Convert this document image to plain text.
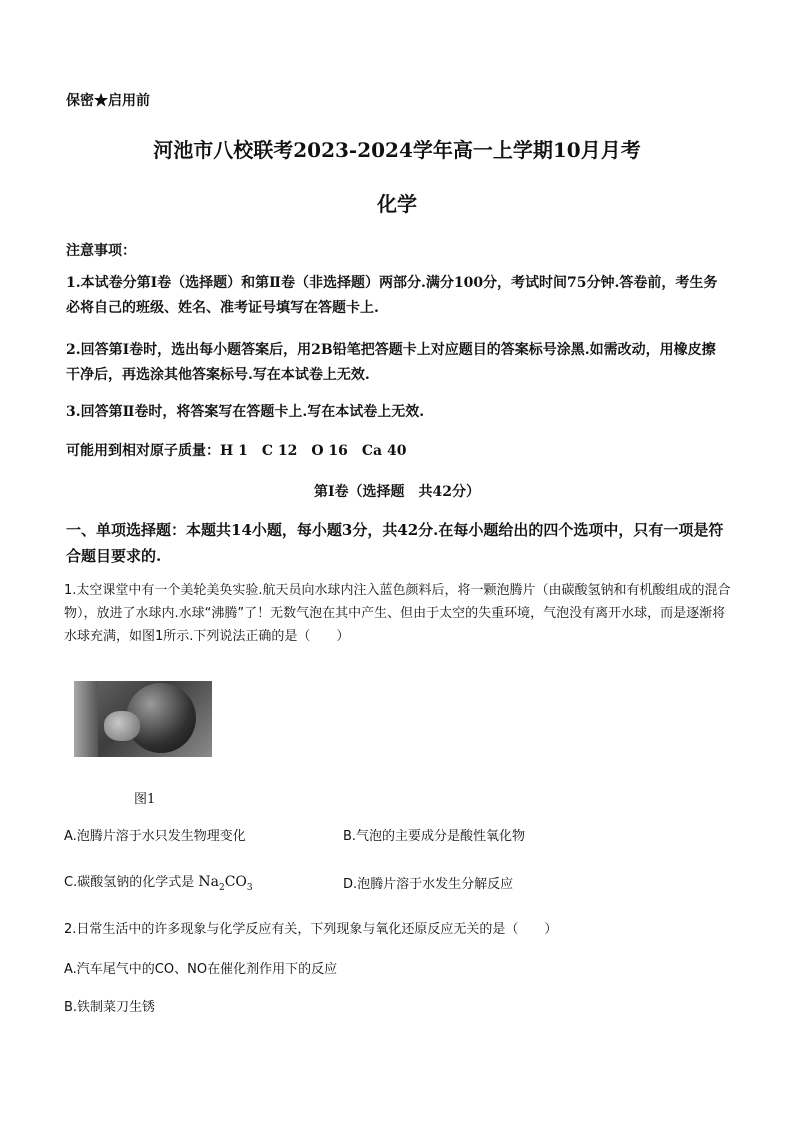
保密★启用前
河池市八校联考2023-2024学年高一上学期10月月考
化学
注意事项：
1.本试卷分第Ⅰ卷（选择题）和第Ⅱ卷（非选择题）两部分.满分100分，考试时间75分钟.答卷前，考生务必将自己的班级、姓名、准考证号填写在答题卡上.
2.回答第Ⅰ卷时，选出每小题答案后，用2B铅笔把答题卡上对应题目的答案标号涂黑.如需改动，用橡皮擦干净后，再选涂其他答案标号.写在本试卷上无效.
3.回答第Ⅱ卷时，将答案写在答题卡上.写在本试卷上无效.
可能用到相对原子质量：H 1　C 12　O 16　Ca 40
第Ⅰ卷（选择题　共42分）
一、单项选择题：本题共14小题，每小题3分，共42分.在每小题给出的四个选项中，只有一项是符合题目要求的.
1.太空课堂中有一个美轮美奂实验.航天员向水球内注入蓝色颜料后，将一颗泡腾片（由碳酸氢钠和有机酸组成的混合物），放进了水球内.水球“沸腾”了！无数气泡在其中产生、但由于太空的失重环境，气泡没有离开水球，而是逐渐将水球充满，如图1所示.下列说法正确的是（　　）
图1
A.泡腾片溶于水只发生物理变化	B.气泡的主要成分是酸性氧化物
C.碳酸氢钠的化学式是 $Na_2CO_3$	D.泡腾片溶于水发生分解反应
2.日常生活中的许多现象与化学反应有关，下列现象与氧化还原反应无关的是（　　）
A.汽车尾气中的CO、NO在催化剂作用下的反应
B.铁制菜刀生锈
